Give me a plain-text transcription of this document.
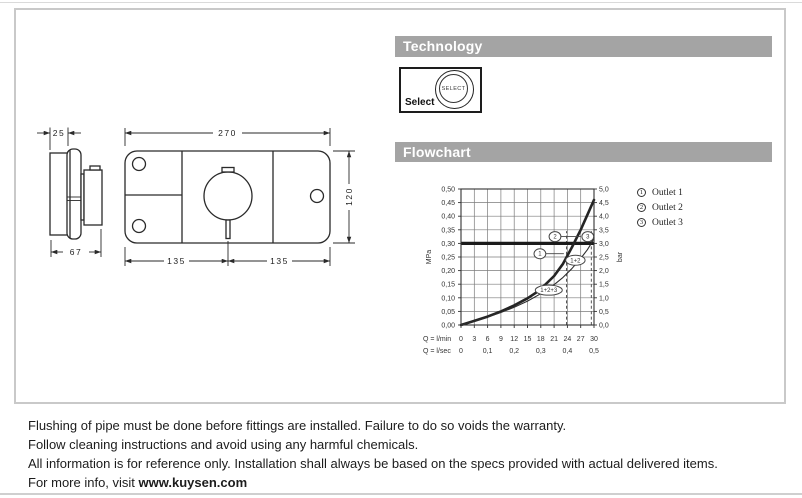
25
67
270
120
135	135
Technology
Select
SELECT
Flowchart
0,00	0,0
0,05	0,5
0,10	1,0
0,15	1,5
0,20	2,0
0,25	2,5
0,30	3,0
0,35	3,5
0,40	4,0
0,45	4,5
0,50	5,0
0 3 6 9 12 15 18 21 24 27 30
Q = l/min
Q = l/sec 0	0,1 0,2 0,3 0,4 0,5
MPa	bar
1
2	3
1+2
1+2+3
1 Outlet 1
2 Outlet 2
3 Outlet 3
Flushing of pipe must be done before fittings are installed. Failure to do so voids the warranty.
Follow cleaning instructions and avoid using any harmful chemicals.
All information is for reference only. Installation shall always be based on the specs provided with actual delivered items.
For more info, visit www.kuysen.com
